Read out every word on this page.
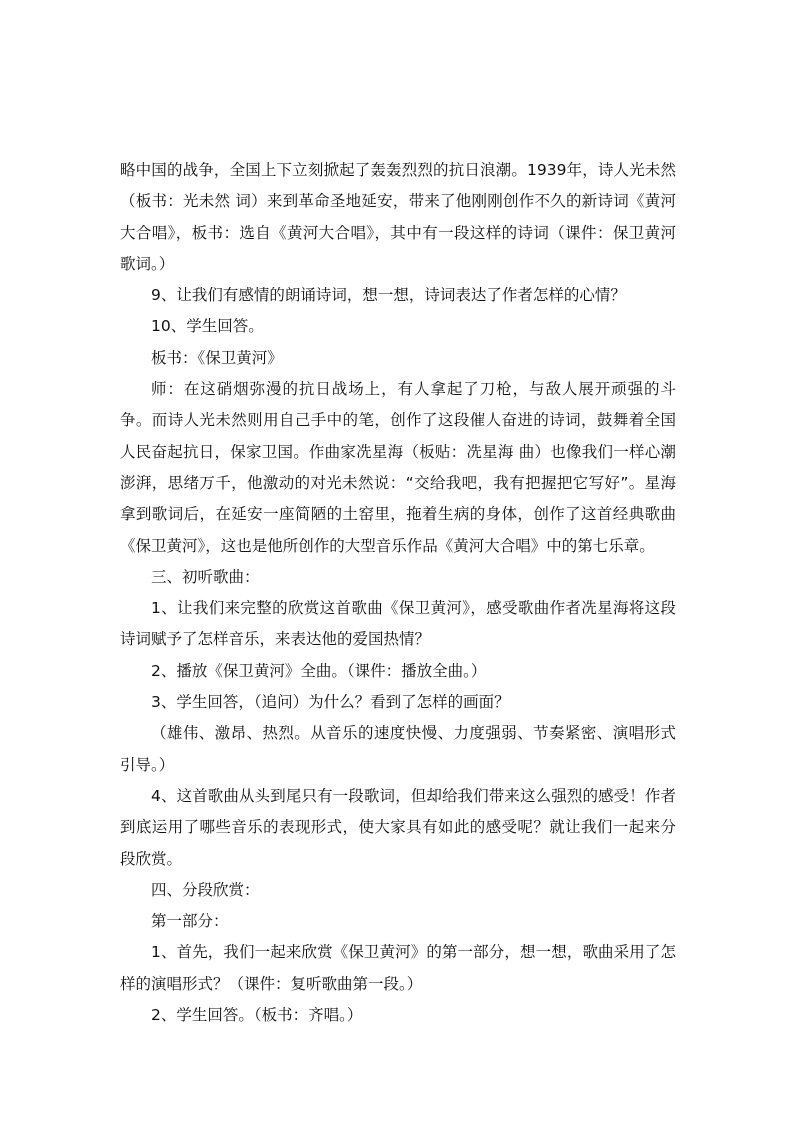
略中国的战争，全国上下立刻掀起了轰轰烈烈的抗日浪潮。1939年，诗人光未然（板书：光未然 词）来到革命圣地延安，带来了他刚刚创作不久的新诗词《黄河大合唱》，板书：选自《黄河大合唱》，其中有一段这样的诗词（课件：保卫黄河歌词。）

9、让我们有感情的朗诵诗词，想一想，诗词表达了作者怎样的心情？

10、学生回答。

板书：《保卫黄河》

师：在这硝烟弥漫的抗日战场上，有人拿起了刀枪，与敌人展开顽强的斗争。而诗人光未然则用自己手中的笔，创作了这段催人奋进的诗词，鼓舞着全国人民奋起抗日，保家卫国。作曲家冼星海（板贴：冼星海 曲）也像我们一样心潮澎湃，思绪万千，他激动的对光未然说：“交给我吧，我有把握把它写好”。星海拿到歌词后，在延安一座简陋的土窑里，拖着生病的身体，创作了这首经典歌曲《保卫黄河》，这也是他所创作的大型音乐作品《黄河大合唱》中的第七乐章。

三、初听歌曲：

1、让我们来完整的欣赏这首歌曲《保卫黄河》，感受歌曲作者冼星海将这段诗词赋予了怎样音乐，来表达他的爱国热情？

2、播放《保卫黄河》全曲。（课件：播放全曲。）

3、学生回答，（追问）为什么？看到了怎样的画面？

（雄伟、激昂、热烈。从音乐的速度快慢、力度强弱、节奏紧密、演唱形式引导。）

4、这首歌曲从头到尾只有一段歌词，但却给我们带来这么强烈的感受！作者到底运用了哪些音乐的表现形式，使大家具有如此的感受呢？就让我们一起来分段欣赏。

四、分段欣赏：

第一部分：

1、首先，我们一起来欣赏《保卫黄河》的第一部分，想一想，歌曲采用了怎样的演唱形式？（课件：复听歌曲第一段。）

2、学生回答。（板书：齐唱。）
